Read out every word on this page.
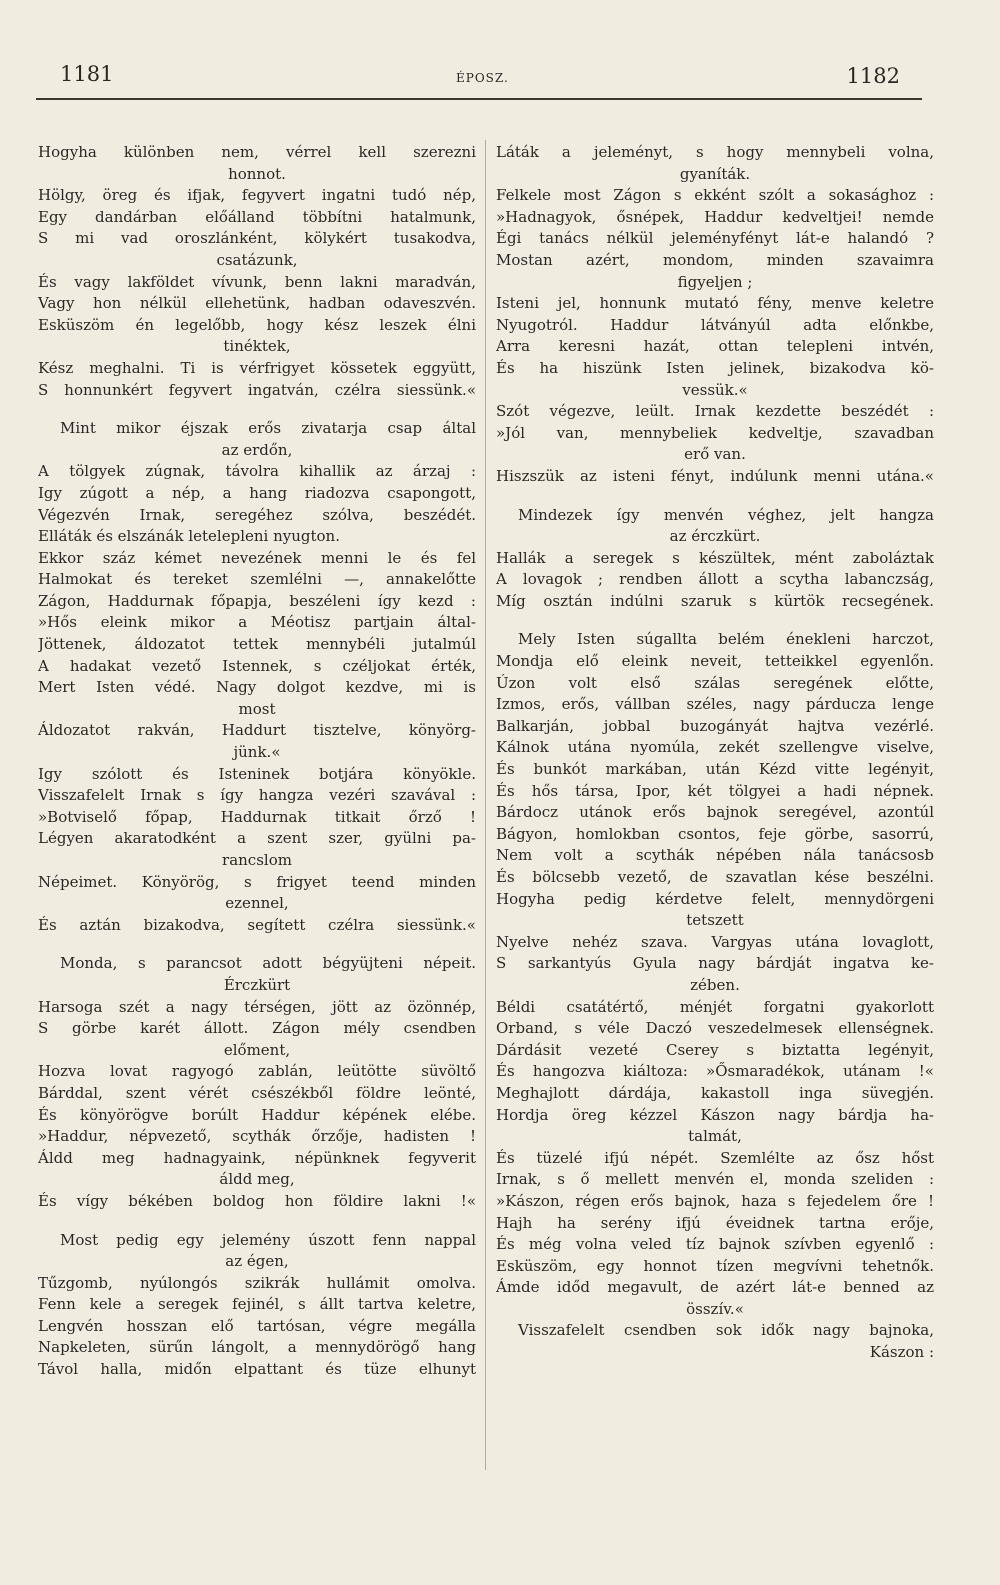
1181	ÉPOSZ.	1182
Hogyha különben nem, vérrel kell szerezni
honnot.
Hölgy, öreg és ifjak, fegyvert ingatni tudó nép,
Egy dandárban előálland többítni hatalmunk,
S mi vad oroszlánként, kölykért tusakodva,
csatázunk,
És vagy lakföldet vívunk, benn lakni maradván,
Vagy hon nélkül ellehetünk, hadban odaveszvén.
Esküszöm én legelőbb, hogy kész leszek élni
tinéktek,
Kész meghalni. Ti is vérfrigyet kössetek eggyütt,
S honnunkért fegyvert ingatván, czélra siessünk.«
Mint mikor éjszak erős zivatarja csap által
az erdőn,
A tölgyek zúgnak, távolra kihallik az árzaj :
Igy zúgott a nép, a hang riadozva csapongott,
Végezvén Irnak, seregéhez szólva, beszédét.
Elláták és elszánák letelepleni nyugton.
Ekkor száz kémet nevezének menni le és fel
Halmokat és tereket szemlélni —, annakelőtte
Zágon, Haddurnak főpapja, beszéleni így kezd :
»Hős eleink mikor a Méotisz partjain által-
Jöttenek, áldozatot tettek mennybéli jutalmúl
A hadakat vezető Istennek, s czéljokat érték,
Mert Isten védé. Nagy dolgot kezdve, mi is
most
Áldozatot rakván, Haddurt tisztelve, könyörg-
jünk.«
Igy szólott és Isteninek botjára könyökle.
Visszafelelt Irnak s így hangza vezéri szavával :
»Botviselő főpap, Haddurnak titkait őrző !
Légyen akaratodként a szent szer, gyülni pa-
rancslom
Népeimet. Könyörög, s frigyet teend minden
ezennel,
És aztán bizakodva, segített czélra siessünk.«
Monda, s parancsot adott bégyüjteni népeit.
Érczkürt
Harsoga szét a nagy térségen, jött az özönnép,
S görbe karét állott. Zágon mély csendben
előment,
Hozva lovat ragyogó zablán, leütötte süvöltő
Bárddal, szent vérét csészékből földre leönté,
És könyörögve borúlt Haddur képének elébe.
»Haddur, népvezető, scythák őrzője, hadisten !
Áldd meg hadnagyaink, népünknek fegyverit
áldd meg,
És vígy békében boldog hon földire lakni !«
Most pedig egy jelemény úszott fenn nappal
az égen,
Tűzgomb, nyúlongós szikrák hullámit omolva.
Fenn kele a seregek fejinél, s állt tartva keletre,
Lengvén hosszan elő tartósan, végre megálla
Napkeleten, sürűn lángolt, a mennydörögő hang
Távol halla, midőn elpattant és tüze elhunyt
Láták a jeleményt, s hogy mennybeli volna,
gyaníták.
Felkele most Zágon s ekként szólt a sokasághoz :
»Hadnagyok, ősnépek, Haddur kedveltjei! nemde
Égi tanács nélkül jeleményfényt lát-e halandó ?
Mostan azért, mondom, minden szavaimra
figyeljen ;
Isteni jel, honnunk mutató fény, menve keletre
Nyugotról. Haddur látványúl adta előnkbe,
Arra keresni hazát, ottan telepleni intvén,
És ha hiszünk Isten jelinek, bizakodva kö-
vessük.«
Szót végezve, leült. Irnak kezdette beszédét :
»Jól van, mennybeliek kedveltje, szavadban
erő van.
Hiszszük az isteni fényt, indúlunk menni utána.«
Mindezek így menvén véghez, jelt hangza
az érczkürt.
Hallák a seregek s készültek, mént zaboláztak
A lovagok ; rendben állott a scytha labanczság,
Míg osztán indúlni szaruk s kürtök recsegének.
Mely Isten súgallta belém énekleni harczot,
Mondja elő eleink neveit, tetteikkel egyenlőn.
Úzon volt első szálas seregének előtte,
Izmos, erős, vállban széles, nagy párducza lenge
Balkarján, jobbal buzogányát hajtva vezérlé.
Kálnok utána nyomúla, zekét szellengve viselve,
És bunkót markában, után Kézd vitte legényit,
És hős társa, Ipor, két tölgyei a hadi népnek.
Bárdocz utánok erős bajnok seregével, azontúl
Bágyon, homlokban csontos, feje görbe, sasorrú,
Nem volt a scythák népében nála tanácsosb
És bölcsebb vezető, de szavatlan kése beszélni.
Hogyha pedig kérdetve felelt, mennydörgeni
tetszett
Nyelve nehéz szava. Vargyas utána lovaglott,
S sarkantyús Gyula nagy bárdját ingatva ke-
zében.
Béldi csatátértő, ménjét forgatni gyakorlott
Orband, s véle Daczó veszedelmesek ellenségnek.
Dárdásit vezeté Cserey s biztatta legényit,
És hangozva kiáltoza: »Ősmaradékok, utánam !«
Meghajlott dárdája, kakastoll inga süvegjén.
Hordja öreg kézzel Kászon nagy bárdja ha-
talmát,
És tüzelé ifjú népét. Szemlélte az ősz hőst
Irnak, s ő mellett menvén el, monda szeliden :
»Kászon, régen erős bajnok, haza s fejedelem őre !
Hajh ha serény ifjú éveidnek tartna erője,
És még volna veled tíz bajnok szívben egyenlő :
Esküszöm, egy honnot tízen megvívni tehetnők.
Ámde időd megavult, de azért lát-e benned az
összív.«
Visszafelelt csendben sok idők nagy bajnoka,
Kászon :
